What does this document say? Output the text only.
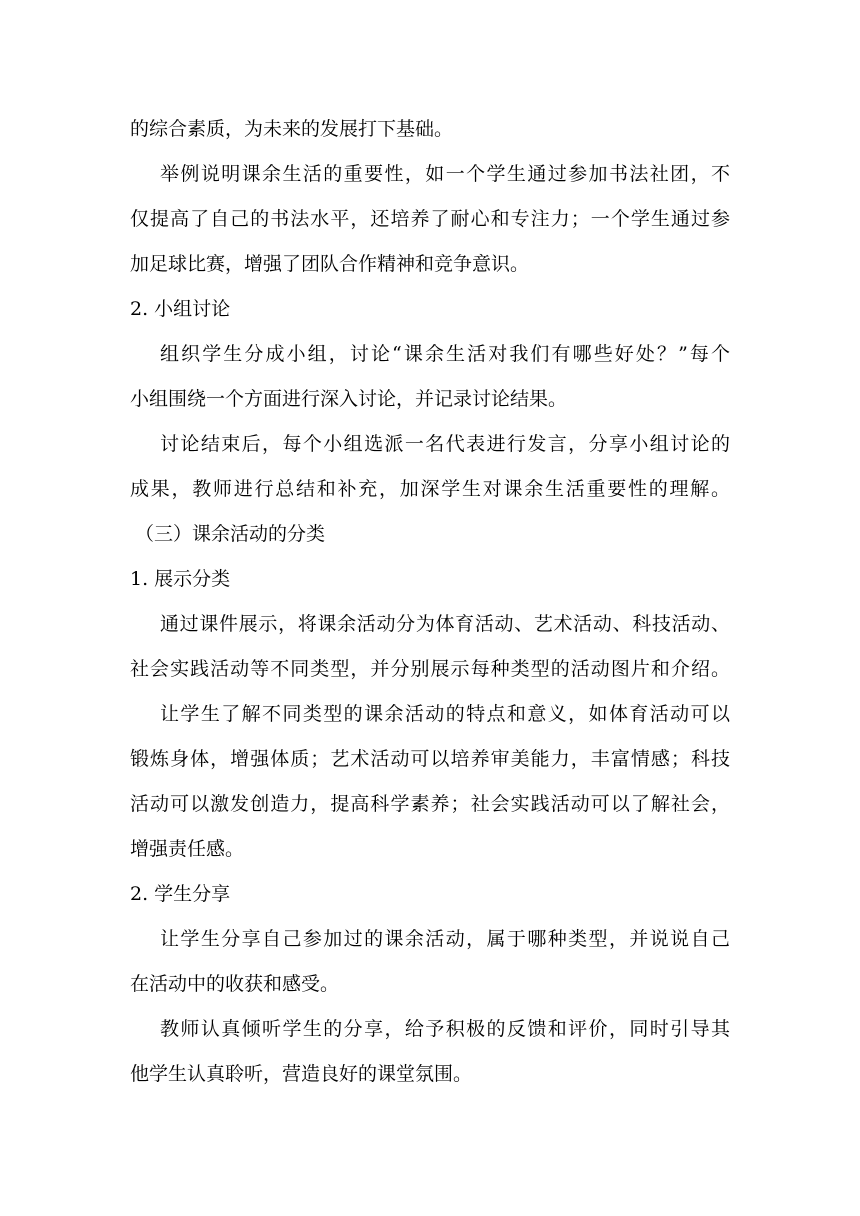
的综合素质，为未来的发展打下基础。
举例说明课余生活的重要性，如一个学生通过参加书法社团，不
仅提高了自己的书法水平，还培养了耐心和专注力；一个学生通过参
加足球比赛，增强了团队合作精神和竞争意识。
2. 小组讨论
组织学生分成小组，讨论“课余生活对我们有哪些好处？”每个
小组围绕一个方面进行深入讨论，并记录讨论结果。
讨论结束后，每个小组选派一名代表进行发言，分享小组讨论的
成果，教师进行总结和补充，加深学生对课余生活重要性的理解。
（三）课余活动的分类
1. 展示分类
通过课件展示，将课余活动分为体育活动、艺术活动、科技活动、
社会实践活动等不同类型，并分别展示每种类型的活动图片和介绍。
让学生了解不同类型的课余活动的特点和意义，如体育活动可以
锻炼身体，增强体质；艺术活动可以培养审美能力，丰富情感；科技
活动可以激发创造力，提高科学素养；社会实践活动可以了解社会，
增强责任感。
2. 学生分享
让学生分享自己参加过的课余活动，属于哪种类型，并说说自己
在活动中的收获和感受。
教师认真倾听学生的分享，给予积极的反馈和评价，同时引导其
他学生认真聆听，营造良好的课堂氛围。
